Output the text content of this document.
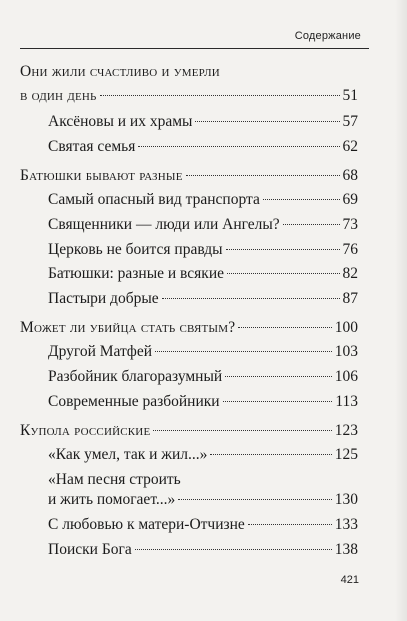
Содержание
Они жили счастливо и умерли
в один день	51
Аксёновы и их храмы	57
Святая семья	62
Батюшки бывают разные	68
Самый опасный вид транспорта	69
Священники — люди или Ангелы?	73
Церковь не боится правды	76
Батюшки: разные и всякие	82
Пастыри добрые	87
Может ли убийца стать святым?	100
Другой Матфей	103
Разбойник благоразумный	106
Современные разбойники	113
Купола российские	123
«Как умел, так и жил...»	125
«Нам песня строить
и жить помогает...»	130
С любовью к матери-Отчизне	133
Поиски Бога	138
421
